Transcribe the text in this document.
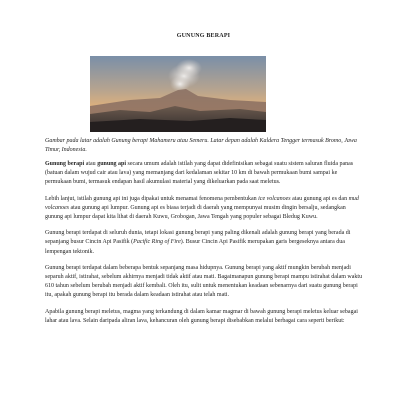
GUNUNG BERAPI
Gambar pada latar adalah Gunung berapi Mahameru atau Semeru. Latar depan adalah Kaldera Tengger termasuk Bromo, Jawa Timur, Indonesia.

Gunung berapi atau gunung api secara umum adalah istilah yang dapat didefinisikan sebagai suatu sistem saluran fluida panas (batuan dalam wujud cair atau lava) yang memanjang dari kedalaman sekitar 10 km di bawah permukaan bumi sampai ke permukaan bumi, termasuk endapan hasil akumulasi material yang dikeluarkan pada saat meletus.

Lebih lanjut, istilah gunung api ini juga dipakai untuk menamai fenomena pembentukan ice volcanoes atau gunung api es dan mud volcanoes atau gunung api lumpur. Gunung api es biasa terjadi di daerah yang mempunyai musim dingin bersalju, sedangkan gunung api lumpur dapat kita lihat di daerah Kuwu, Grobogan, Jawa Tengah yang populer sebagai Bledug Kuwu.

Gunung berapi terdapat di seluruh dunia, tetapi lokasi gunung berapi yang paling dikenali adalah gunung berapi yang berada di sepanjang busur Cincin Api Pasifik (Pacific Ring of Fire). Busur Cincin Api Pasifik merupakan garis bergeseknya antara dua lempengan tektonik.

Gunung berapi terdapat dalam beberapa bentuk sepanjang masa hidupnya. Gunung berapi yang aktif mungkin berubah menjadi separuh aktif, istirahat, sebelum akhirnya menjadi tidak aktif atau mati. Bagaimanapun gunung berapi mampu istirahat dalam waktu 610 tahun sebelum berubah menjadi aktif kembali. Oleh itu, sulit untuk menentukan keadaan sebenarnya dari suatu gunung berapi itu, apakah gunung berapi itu berada dalam keadaan istirahat atau telah mati.

Apabila gunung berapi meletus, magma yang terkandung di dalam kamar magmar di bawah gunung berapi meletus keluar sebagai lahar atau lava. Selain daripada aliran lava, kehancuran oleh gunung berapi disebabkan melalui berbagai cara seperti berikut:
